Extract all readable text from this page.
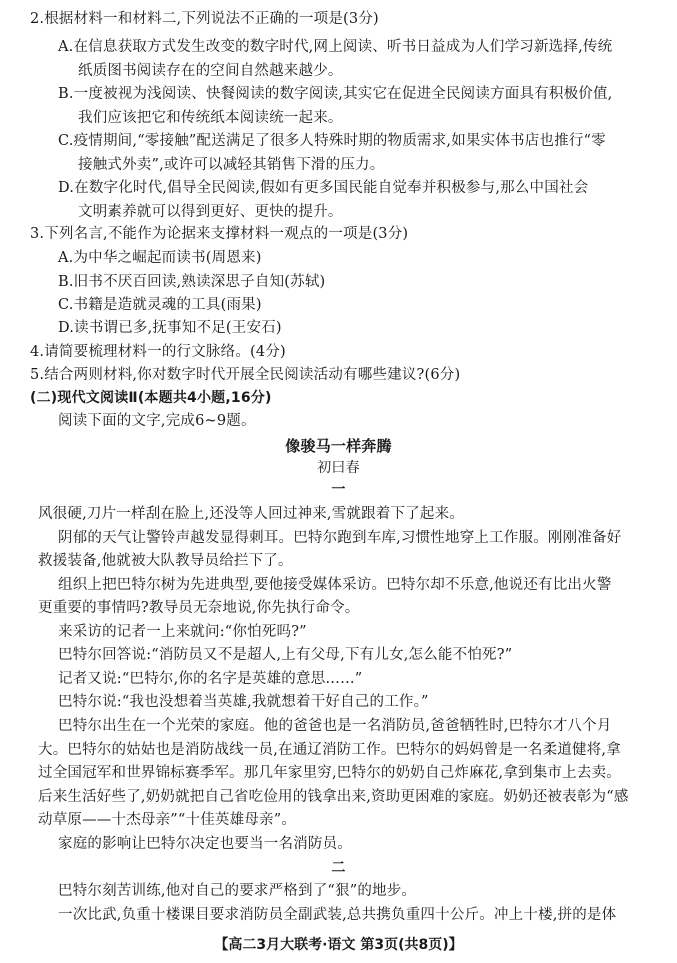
2.根据材料一和材料二,下列说法不正确的一项是(3分)
A.在信息获取方式发生改变的数字时代,网上阅读、听书日益成为人们学习新选择,传统
纸质图书阅读存在的空间自然越来越少。
B.一度被视为浅阅读、快餐阅读的数字阅读,其实它在促进全民阅读方面具有积极价值,
我们应该把它和传统纸本阅读统一起来。
C.疫情期间,“零接触”配送满足了很多人特殊时期的物质需求,如果实体书店也推行“零
接触式外卖”,或许可以减轻其销售下滑的压力。
D.在数字化时代,倡导全民阅读,假如有更多国民能自觉奉并积极参与,那么中国社会
文明素养就可以得到更好、更快的提升。
3.下列名言,不能作为论据来支撑材料一观点的一项是(3分)
A.为中华之崛起而读书(周恩来)
B.旧书不厌百回读,熟读深思子自知(苏轼)
C.书籍是造就灵魂的工具(雨果)
D.读书谓已多,抚事知不足(王安石)
4.请简要梳理材料一的行文脉络。(4分)
5.结合两则材料,你对数字时代开展全民阅读活动有哪些建议?(6分)
(二)现代文阅读Ⅱ(本题共4小题,16分)
阅读下面的文字,完成6~9题。
像骏马一样奔腾
初曰春
一
风很硬,刀片一样刮在脸上,还没等人回过神来,雪就跟着下了起来。
阴郁的天气让警铃声越发显得刺耳。巴特尔跑到车库,习惯性地穿上工作服。刚刚准备好
救援装备,他就被大队教导员给拦下了。
组织上把巴特尔树为先进典型,要他接受媒体采访。巴特尔却不乐意,他说还有比出火警
更重要的事情吗?教导员无奈地说,你先执行命令。
来采访的记者一上来就问:“你怕死吗?”
巴特尔回答说:“消防员又不是超人,上有父母,下有儿女,怎么能不怕死?”
记者又说:“巴特尔,你的名字是英雄的意思……”
巴特尔说:“我也没想着当英雄,我就想着干好自己的工作。”
巴特尔出生在一个光荣的家庭。他的爸爸也是一名消防员,爸爸牺牲时,巴特尔才八个月
大。巴特尔的姑姑也是消防战线一员,在通辽消防工作。巴特尔的妈妈曾是一名柔道健将,拿
过全国冠军和世界锦标赛季军。那几年家里穷,巴特尔的奶奶自己炸麻花,拿到集市上去卖。
后来生活好些了,奶奶就把自己省吃俭用的钱拿出来,资助更困难的家庭。奶奶还被表彰为“感
动草原——十杰母亲”“十佳英雄母亲”。
家庭的影响让巴特尔决定也要当一名消防员。
二
巴特尔刻苦训练,他对自己的要求严格到了“狠”的地步。
一次比武,负重十楼课目要求消防员全副武装,总共携负重四十公斤。冲上十楼,拼的是体
【高二3月大联考·语文 第3页(共8页)】
